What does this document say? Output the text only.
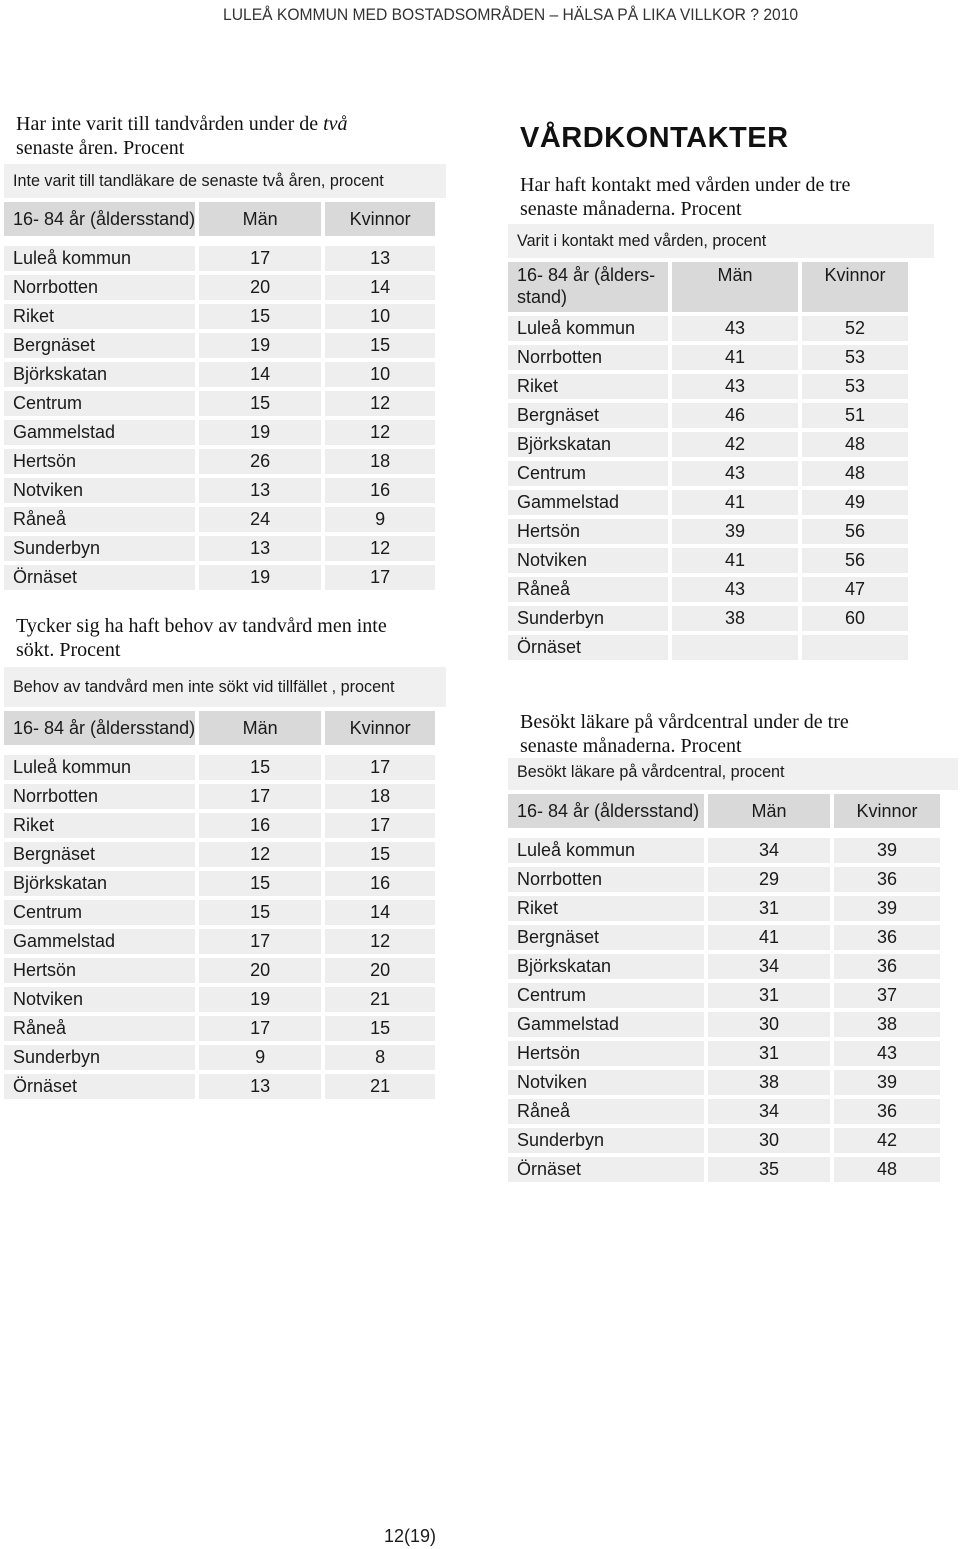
LULEÅ KOMMUN MED BOSTADSOMRÅDEN – HÄLSA PÅ LIKA VILLKOR ? 2010
Har inte varit till tandvården under de två
senaste åren. Procent
Inte varit till tandläkare de senaste två åren, procent
16- 84 år (åldersstand)	Män	Kvinnor

Luleå kommun	17	13
Norrbotten	20	14
Riket	15	10
Bergnäset	19	15
Björkskatan	14	10
Centrum	15	12
Gammelstad	19	12
Hertsön	26	18
Notviken	13	16
Råneå	24	9
Sunderbyn	13	12
Örnäset	19	17
Tycker sig ha haft behov av tandvård men inte
sökt. Procent
Behov av tandvård men inte sökt vid tillfället , procent
16- 84 år (åldersstand)	Män	Kvinnor

Luleå kommun	15	17
Norrbotten	17	18
Riket	16	17
Bergnäset	12	15
Björkskatan	15	16
Centrum	15	14
Gammelstad	17	12
Hertsön	20	20
Notviken	19	21
Råneå	17	15
Sunderbyn	9	8
Örnäset	13	21
VÅRDKONTAKTER
Har haft kontakt med vården under de tre
senaste månaderna. Procent
Varit i kontakt med vården, procent
16- 84 år (ålders-
stand)	Män	Kvinnor
Luleå kommun	43	52
Norrbotten	41	53
Riket	43	53
Bergnäset	46	51
Björkskatan	42	48
Centrum	43	48
Gammelstad	41	49
Hertsön	39	56
Notviken	41	56
Råneå	43	47
Sunderbyn	38	60
Örnäset		
Besökt läkare på vårdcentral under de tre
senaste månaderna. Procent
Besökt läkare på vårdcentral, procent
16- 84 år (åldersstand)	Män	Kvinnor

Luleå kommun	34	39
Norrbotten	29	36
Riket	31	39
Bergnäset	41	36
Björkskatan	34	36
Centrum	31	37
Gammelstad	30	38
Hertsön	31	43
Notviken	38	39
Råneå	34	36
Sunderbyn	30	42
Örnäset	35	48
12(19)
